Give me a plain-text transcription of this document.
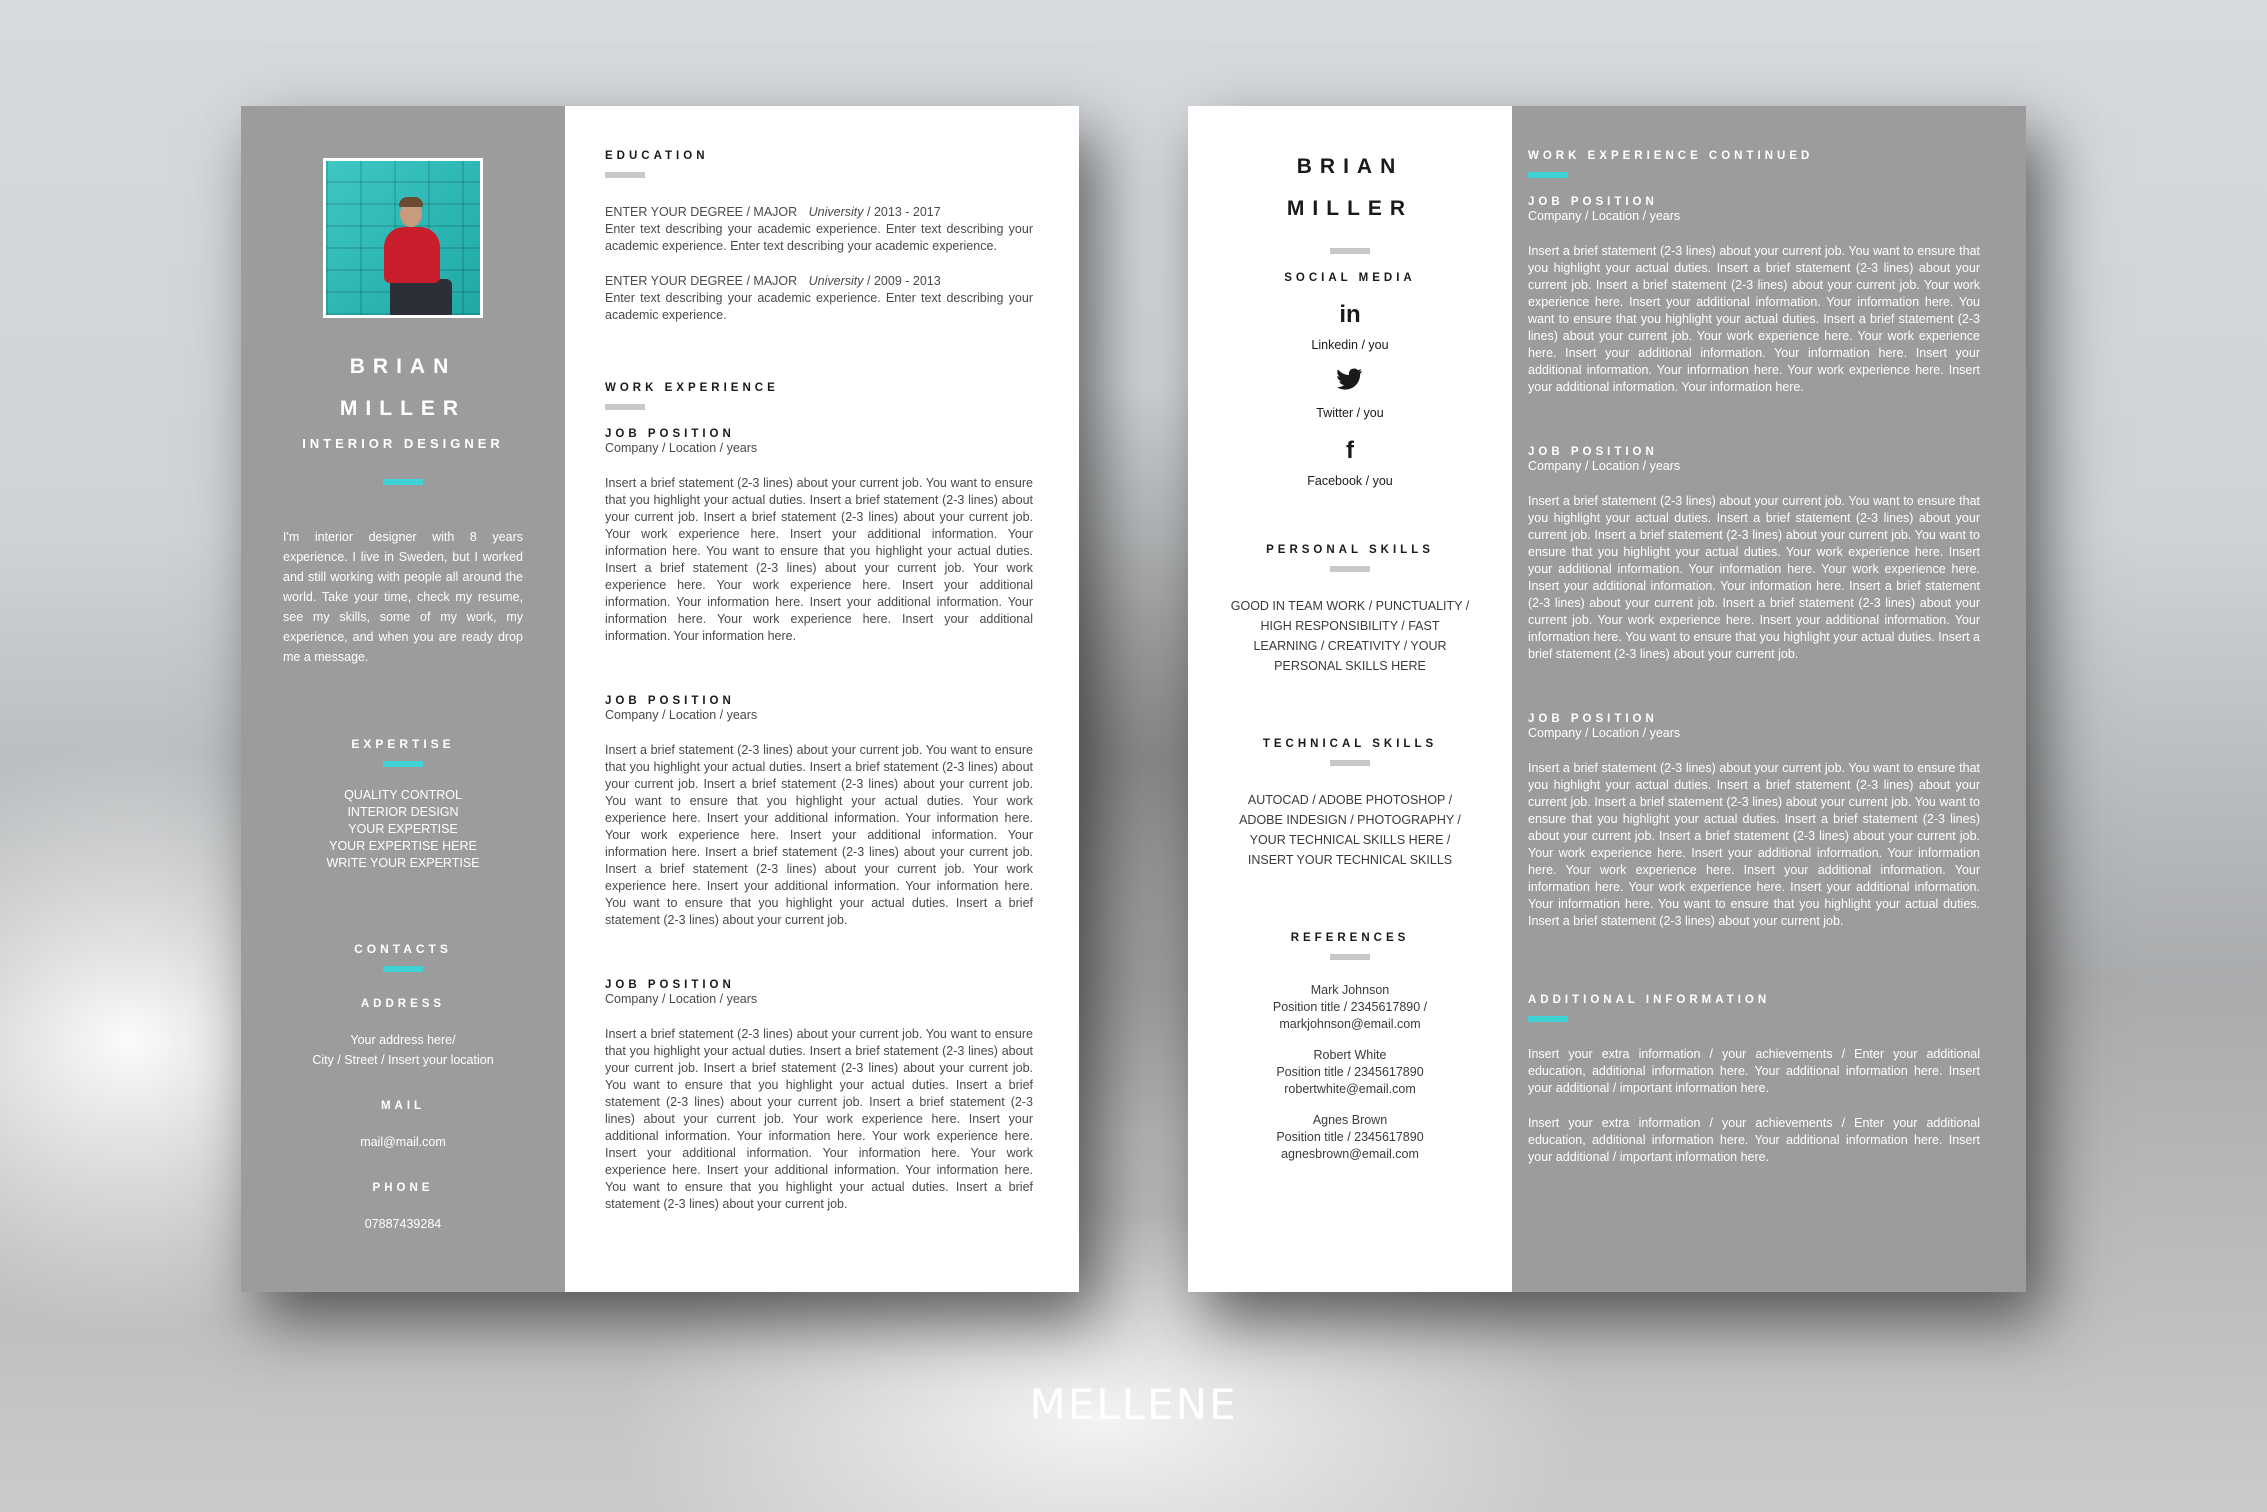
BRIAN
MILLER
INTERIOR DESIGNER
I'm interior designer with 8 years experience. I live in Sweden, but I worked and still working with people all around the world. Take your time, check my resume, see my skills, some of my work, my experience, and when you are ready drop me a message.
EXPERTISE
QUALITY CONTROL
INTERIOR DESIGN
YOUR EXPERTISE
YOUR EXPERTISE HERE
WRITE YOUR EXPERTISE
CONTACTS
ADDRESS
Your address here/
City / Street / Insert your location
MAIL
mail@mail.com
PHONE
07887439284
EDUCATION
ENTER YOUR DEGREE / MAJOR University / 2013 - 2017
Enter text describing your academic experience. Enter text describing your academic experience. Enter text describing your academic experience.
ENTER YOUR DEGREE / MAJOR University / 2009 - 2013
Enter text describing your academic experience. Enter text describing your academic experience.
WORK EXPERIENCE
JOB POSITION
Company / Location / years
Insert a brief statement (2-3 lines) about your current job. You want to ensure that you highlight your actual duties. Insert a brief statement (2-3 lines) about your current job. Insert a brief statement (2-3 lines) about your current job. Your work experience here. Insert your additional information. Your information here. You want to ensure that you highlight your actual duties. Insert a brief statement (2-3 lines) about your current job. Your work experience here. Your work experience here. Insert your additional information. Your information here. Insert your additional information. Your information here. Your work experience here. Insert your additional information. Your information here.
JOB POSITION
Company / Location / years
Insert a brief statement (2-3 lines) about your current job. You want to ensure that you highlight your actual duties. Insert a brief statement (2-3 lines) about your current job. Insert a brief statement (2-3 lines) about your current job. You want to ensure that you highlight your actual duties. Your work experience here. Insert your additional information. Your information here. Your work experience here. Insert your additional information. Your information here. Insert a brief statement (2-3 lines) about your current job. Insert a brief statement (2-3 lines) about your current job. Your work experience here. Insert your additional information. Your information here. You want to ensure that you highlight your actual duties. Insert a brief statement (2-3 lines) about your current job.
JOB POSITION
Company / Location / years
Insert a brief statement (2-3 lines) about your current job. You want to ensure that you highlight your actual duties. Insert a brief statement (2-3 lines) about your current job. Insert a brief statement (2-3 lines) about your current job. You want to ensure that you highlight your actual duties. Insert a brief statement (2-3 lines) about your current job. Insert a brief statement (2-3 lines) about your current job. Your work experience here. Insert your additional information. Your information here. Your work experience here. Insert your additional information. Your information here. Your work experience here. Insert your additional information. Your information here. You want to ensure that you highlight your actual duties. Insert a brief statement (2-3 lines) about your current job.
BRIAN
MILLER
SOCIAL MEDIA
in
Linkedin / you
Twitter / you
f
Facebook / you
PERSONAL SKILLS
GOOD IN TEAM WORK / PUNCTUALITY / HIGH RESPONSIBILITY / FAST LEARNING / CREATIVITY / YOUR PERSONAL SKILLS HERE
TECHNICAL SKILLS
AUTOCAD / ADOBE PHOTOSHOP / ADOBE INDESIGN / PHOTOGRAPHY / YOUR TECHNICAL SKILLS HERE / INSERT YOUR TECHNICAL SKILLS
REFERENCES
Mark Johnson
Position title / 2345617890 /
markjohnson@email.com
Robert White
Position title / 2345617890
robertwhite@email.com
Agnes Brown
Position title / 2345617890
agnesbrown@email.com
WORK EXPERIENCE CONTINUED
JOB POSITION
Company / Location / years
Insert a brief statement (2-3 lines) about your current job. You want to ensure that you highlight your actual duties. Insert a brief statement (2-3 lines) about your current job. Insert a brief statement (2-3 lines) about your current job. Your work experience here. Insert your additional information. Your information here. You want to ensure that you highlight your actual duties. Insert a brief statement (2-3 lines) about your current job. Your work experience here. Your work experience here. Insert your additional information. Your information here. Insert your additional information. Your information here. Your work experience here. Insert your additional information. Your information here.
JOB POSITION
Company / Location / years
Insert a brief statement (2-3 lines) about your current job. You want to ensure that you highlight your actual duties. Insert a brief statement (2-3 lines) about your current job. Insert a brief statement (2-3 lines) about your current job. You want to ensure that you highlight your actual duties. Your work experience here. Insert your additional information. Your information here. Your work experience here. Insert your additional information. Your information here. Insert a brief statement (2-3 lines) about your current job. Insert a brief statement (2-3 lines) about your current job. Your work experience here. Insert your additional information. Your information here. You want to ensure that you highlight your actual duties. Insert a brief statement (2-3 lines) about your current job.
JOB POSITION
Company / Location / years
Insert a brief statement (2-3 lines) about your current job. You want to ensure that you highlight your actual duties. Insert a brief statement (2-3 lines) about your current job. Insert a brief statement (2-3 lines) about your current job. You want to ensure that you highlight your actual duties. Insert a brief statement (2-3 lines) about your current job. Insert a brief statement (2-3 lines) about your current job. Your work experience here. Insert your additional information. Your information here. Your work experience here. Insert your additional information. Your information here. Your work experience here. Insert your additional information. Your information here. You want to ensure that you highlight your actual duties. Insert a brief statement (2-3 lines) about your current job.
ADDITIONAL INFORMATION
Insert your extra information / your achievements / Enter your additional education, additional information here. Your additional information here. Insert your additional / important information here.
Insert your extra information / your achievements / Enter your additional education, additional information here. Your additional information here. Insert your additional / important information here.
MELLENE
